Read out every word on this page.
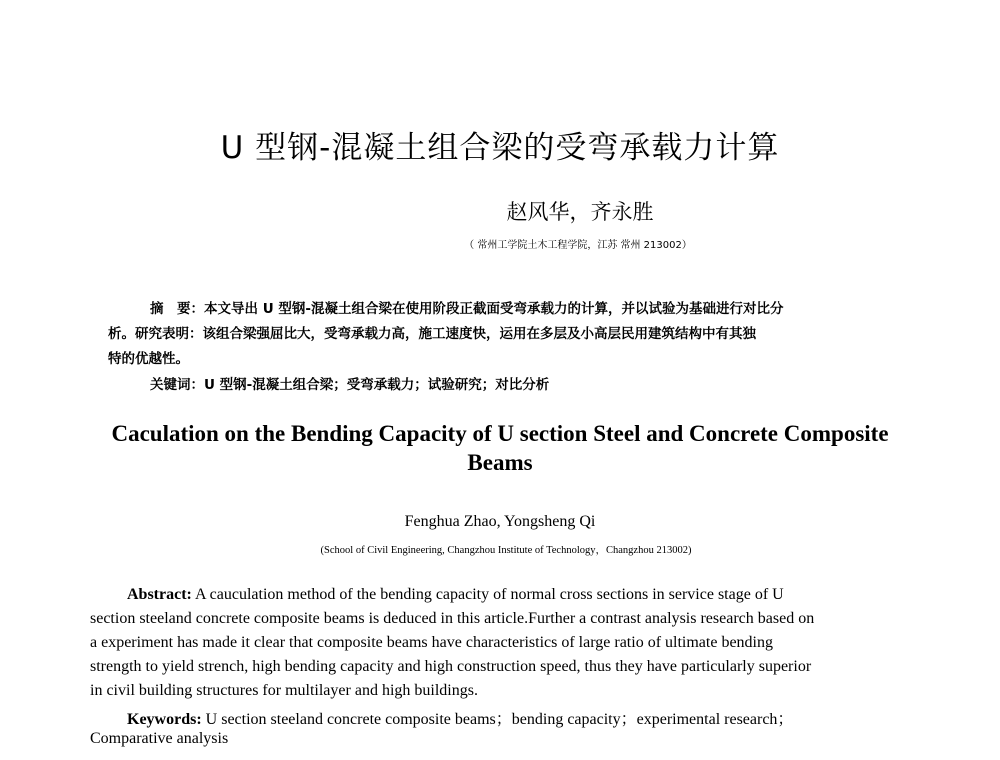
U 型钢-混凝土组合梁的受弯承载力计算
赵风华，齐永胜
（ 常州工学院土木工程学院，江苏 常州 213002）
摘　要：本文导出 U 型钢-混凝土组合梁在使用阶段正截面受弯承载力的计算，并以试验为基础进行对比分
析。研究表明：该组合梁强屈比大，受弯承载力高，施工速度快，运用在多层及小高层民用建筑结构中有其独
特的优越性。
关键词：U 型钢-混凝土组合梁；受弯承载力；试验研究；对比分析
Caculation on the Bending Capacity of U section Steel and Concrete Composite
Beams
Fenghua Zhao, Yongsheng Qi
(School of Civil Engineering, Changzhou Institute of Technology，Changzhou 213002)
Abstract: A cauculation method of the bending capacity of normal cross sections in service stage of U
section steeland concrete composite beams is deduced in this article.Further a contrast analysis research based on
a experiment has made it clear that composite beams have characteristics of large ratio of ultimate bending
strength to yield strench, high bending capacity and high construction speed, thus they have particularly superior
in civil building structures for multilayer and high buildings.
Keywords: U section steeland concrete composite beams；bending capacity；experimental research；
Comparative analysis
